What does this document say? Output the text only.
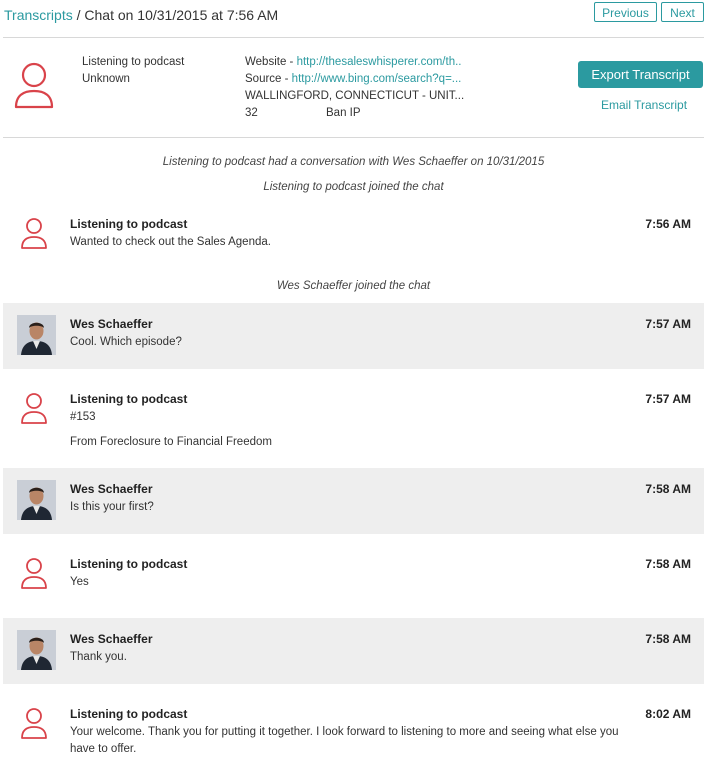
Transcripts / Chat on 10/31/2015 at 7:56 AM	Previous	Next
Listening to podcast
Unknown
Website - http://thesaleswhisperer.com/th..
Source - http://www.bing.com/search?q=...
WALLINGFORD, CONNECTICUT - UNIT...
32	Ban IP
Export Transcript
Email Transcript
Listening to podcast had a conversation with Wes Schaeffer on 10/31/2015
Listening to podcast joined the chat
Listening to podcast	7:56 AM

Wanted to check out the Sales Agenda.

Wes Schaeffer joined the chat
Wes Schaeffer	7:57 AM

Cool. Which episode?

Listening to podcast	7:57 AM

#153

From Foreclosure to Financial Freedom

Wes Schaeffer	7:58 AM

Is this your first?

Listening to podcast	7:58 AM

Yes

Wes Schaeffer	7:58 AM

Thank you.

Listening to podcast	8:02 AM

Your welcome. Thank you for putting it together. I look forward to listening to more and seeing what else you have to offer.
